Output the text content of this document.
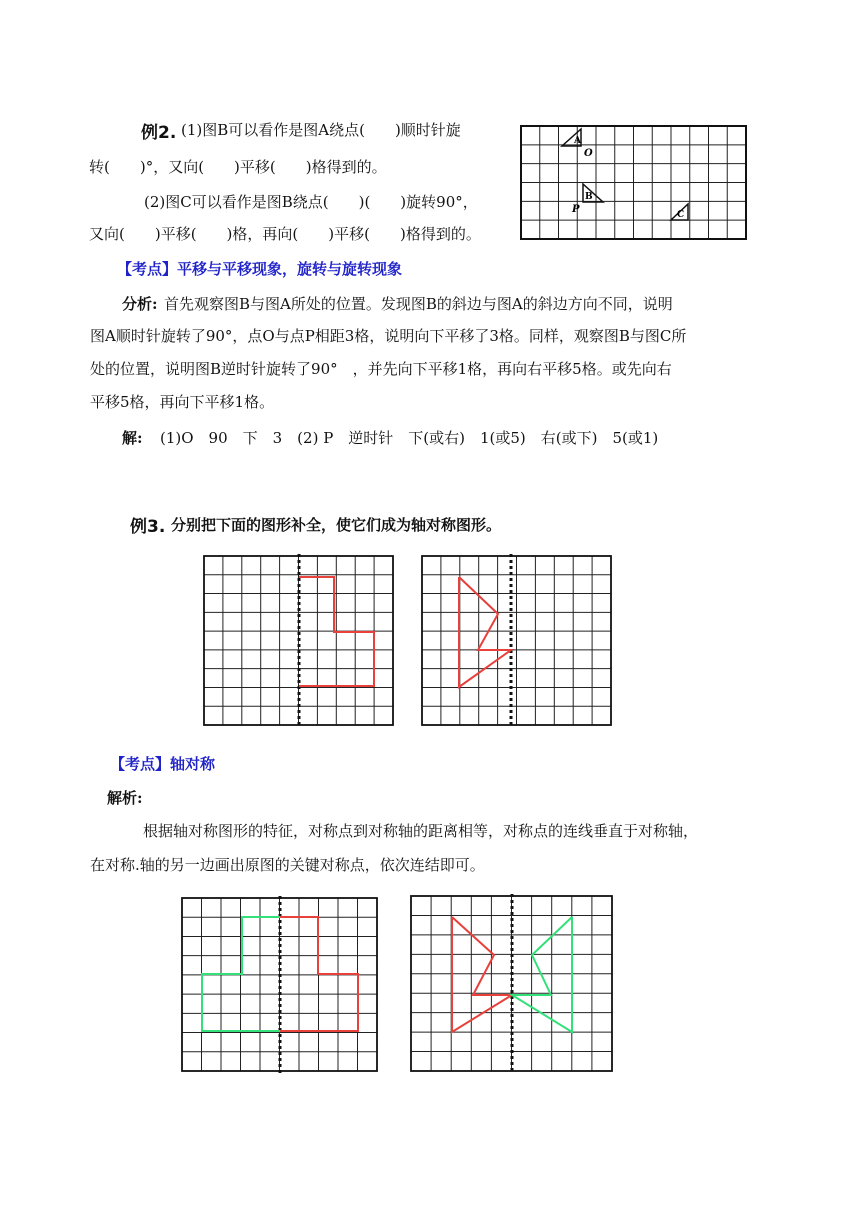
例2. (1)图B可以看作是图A绕点(　　)顺时针旋
转(　　)°，又向(　　)平移(　　)格得到的。
(2)图C可以看作是图B绕点(　　)(　　)旋转90°，
又向(　　)平移(　　)格，再向(　　)平移(　　)格得到的。
A
O
B
P	C
【考点】平移与平移现象，旋转与旋转现象
分析: 首先观察图B与图A所处的位置。发现图B的斜边与图A的斜边方向不同，说明
图A顺时针旋转了90°，点O与点P相距3格，说明向下平移了3格。同样，观察图B与图C所
处的位置，说明图B逆时针旋转了90°　，并先向下平移1格，再向右平移5格。或先向右
平移5格，再向下平移1格。
解: (1)O　90　下　3　(2) P　逆时针　下(或右)　1(或5)　右(或下)　5(或1)
例3. 分别把下面的图形补全，使它们成为轴对称图形。
【考点】轴对称
解析:
根据轴对称图形的特征，对称点到对称轴的距离相等，对称点的连线垂直于对称轴，
在对称.轴的另一边画出原图的关键对称点，依次连结即可。
